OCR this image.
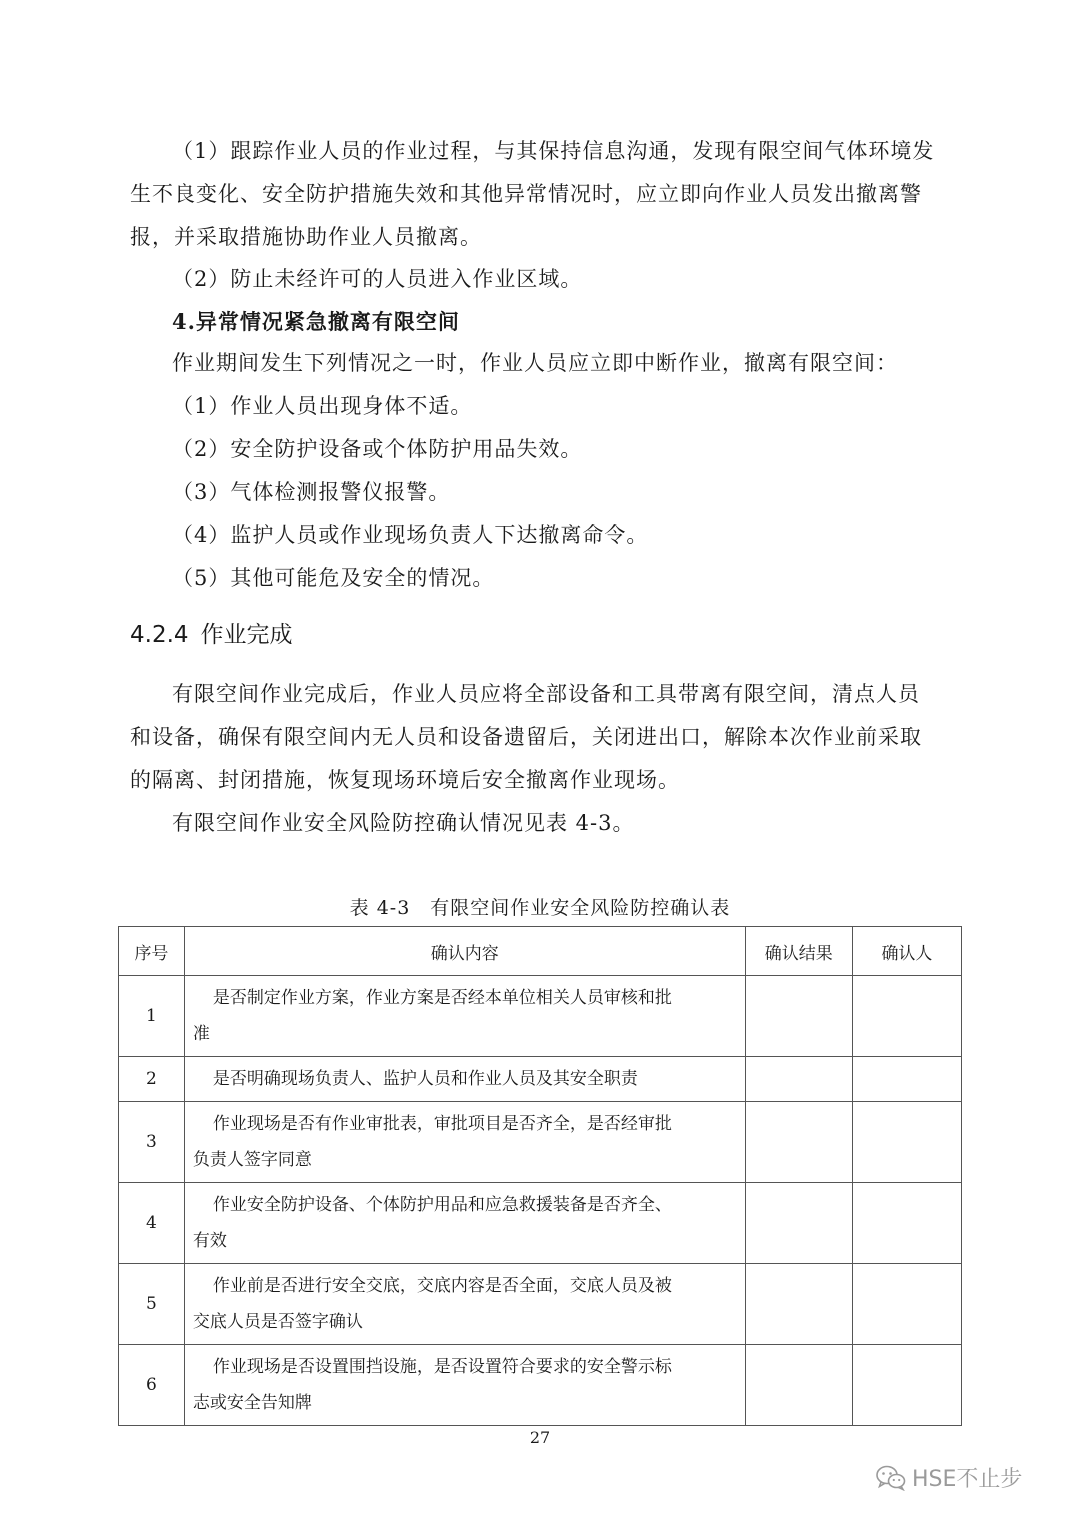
（1）跟踪作业人员的作业过程，与其保持信息沟通，发现有限空间气体环境发
生不良变化、安全防护措施失效和其他异常情况时，应立即向作业人员发出撤离警
报，并采取措施协助作业人员撤离。
（2）防止未经许可的人员进入作业区域。
4.异常情况紧急撤离有限空间
作业期间发生下列情况之一时，作业人员应立即中断作业，撤离有限空间：
（1）作业人员出现身体不适。
（2）安全防护设备或个体防护用品失效。
（3）气体检测报警仪报警。
（4）监护人员或作业现场负责人下达撤离命令。
（5）其他可能危及安全的情况。
4.2.4 作业完成
有限空间作业完成后，作业人员应将全部设备和工具带离有限空间，清点人员
和设备，确保有限空间内无人员和设备遗留后，关闭进出口，解除本次作业前采取
的隔离、封闭措施，恢复现场环境后安全撤离作业现场。
有限空间作业安全风险防控确认情况见表 4-3。
表 4-3　有限空间作业安全风险防控确认表
序号	确认内容	确认结果	确认人
1	是否制定作业方案，作业方案是否经本单位相关人员审核和批
准		

2	是否明确现场负责人、监护人员和作业人员及其安全职责		

3	作业现场是否有作业审批表，审批项目是否齐全，是否经审批
负责人签字同意		

4	作业安全防护设备、个体防护用品和应急救援装备是否齐全、
有效		

5	作业前是否进行安全交底，交底内容是否全面，交底人员及被
交底人员是否签字确认		

6	作业现场是否设置围挡设施，是否设置符合要求的安全警示标
志或安全告知牌		

27
HSE不止步
